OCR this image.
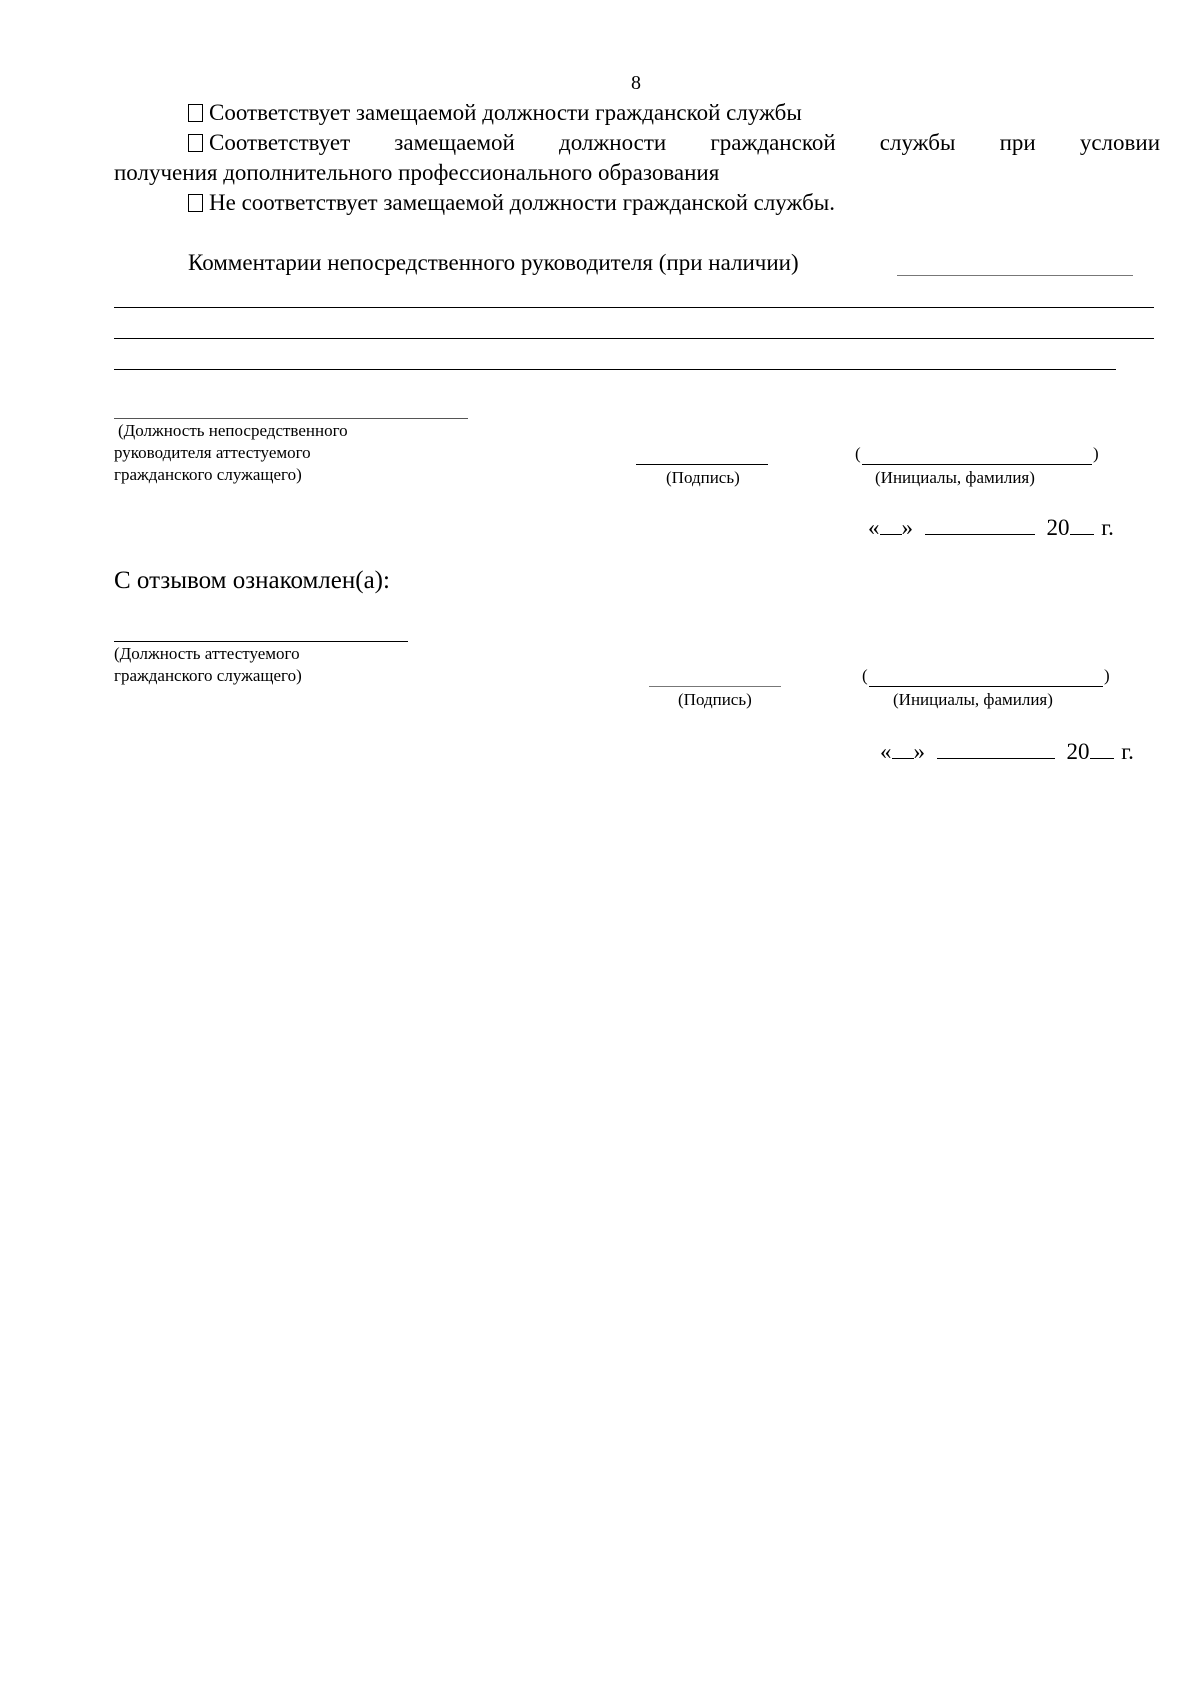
8
Соответствует замещаемой должности гражданской службы
Соответствует замещаемой должности гражданской службы при условии
получения дополнительного профессионального образования
Не соответствует замещаемой должности гражданской службы.
Комментарии непосредственного руководителя (при наличии)
(Должность непосредственного
руководителя аттестуемого
гражданского служащего)	(Подпись)
(	)
(Инициалы, фамилия)
« »	20 г.
С отзывом ознакомлен(а):
(Должность аттестуемого
гражданского служащего)
(Подпись)
(	)
(Инициалы, фамилия)
« »	20 г.
